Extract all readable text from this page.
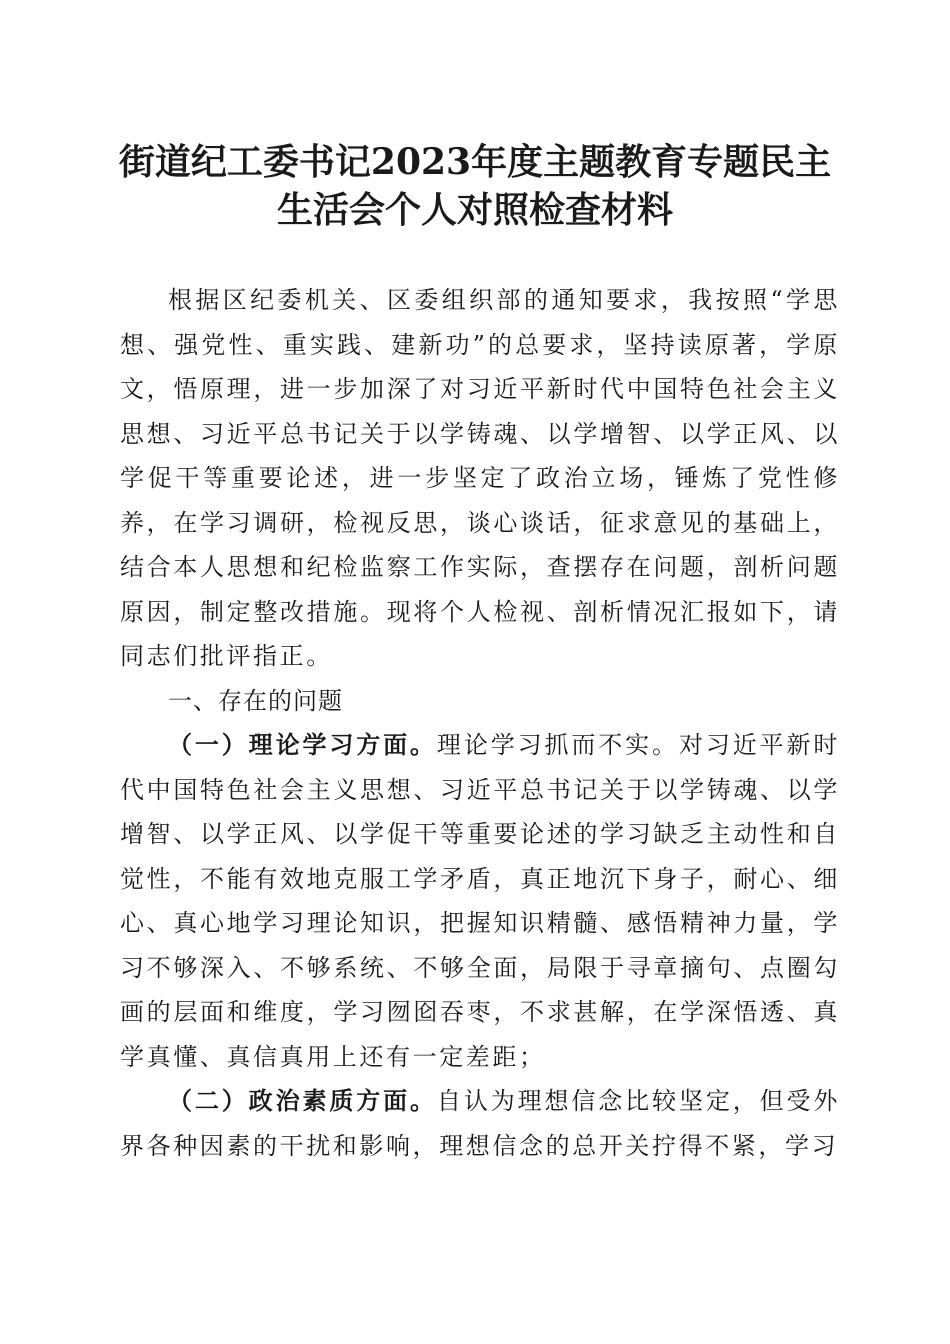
街道纪工委书记2023年度主题教育专题民主
生活会个人对照检查材料

根据区纪委机关、区委组织部的通知要求，我按照“学思想、强党性、重实践、建新功”的总要求，坚持读原著，学原文，悟原理，进一步加深了对习近平新时代中国特色社会主义思想、习近平总书记关于以学铸魂、以学增智、以学正风、以学促干等重要论述，进一步坚定了政治立场，锤炼了党性修养，在学习调研，检视反思，谈心谈话，征求意见的基础上，结合本人思想和纪检监察工作实际，查摆存在问题，剖析问题原因，制定整改措施。现将个人检视、剖析情况汇报如下，请同志们批评指正。

一、存在的问题

（一）理论学习方面。理论学习抓而不实。对习近平新时代中国特色社会主义思想、习近平总书记关于以学铸魂、以学增智、以学正风、以学促干等重要论述的学习缺乏主动性和自觉性，不能有效地克服工学矛盾，真正地沉下身子，耐心、细心、真心地学习理论知识，把握知识精髓、感悟精神力量，学习不够深入、不够系统、不够全面，局限于寻章摘句、点圈勾画的层面和维度，学习囫囵吞枣，不求甚解，在学深悟透、真学真懂、真信真用上还有一定差距；

（二）政治素质方面。自认为理想信念比较坚定，但受外界各种因素的干扰和影响，理想信念的总开关拧得不紧，学习
